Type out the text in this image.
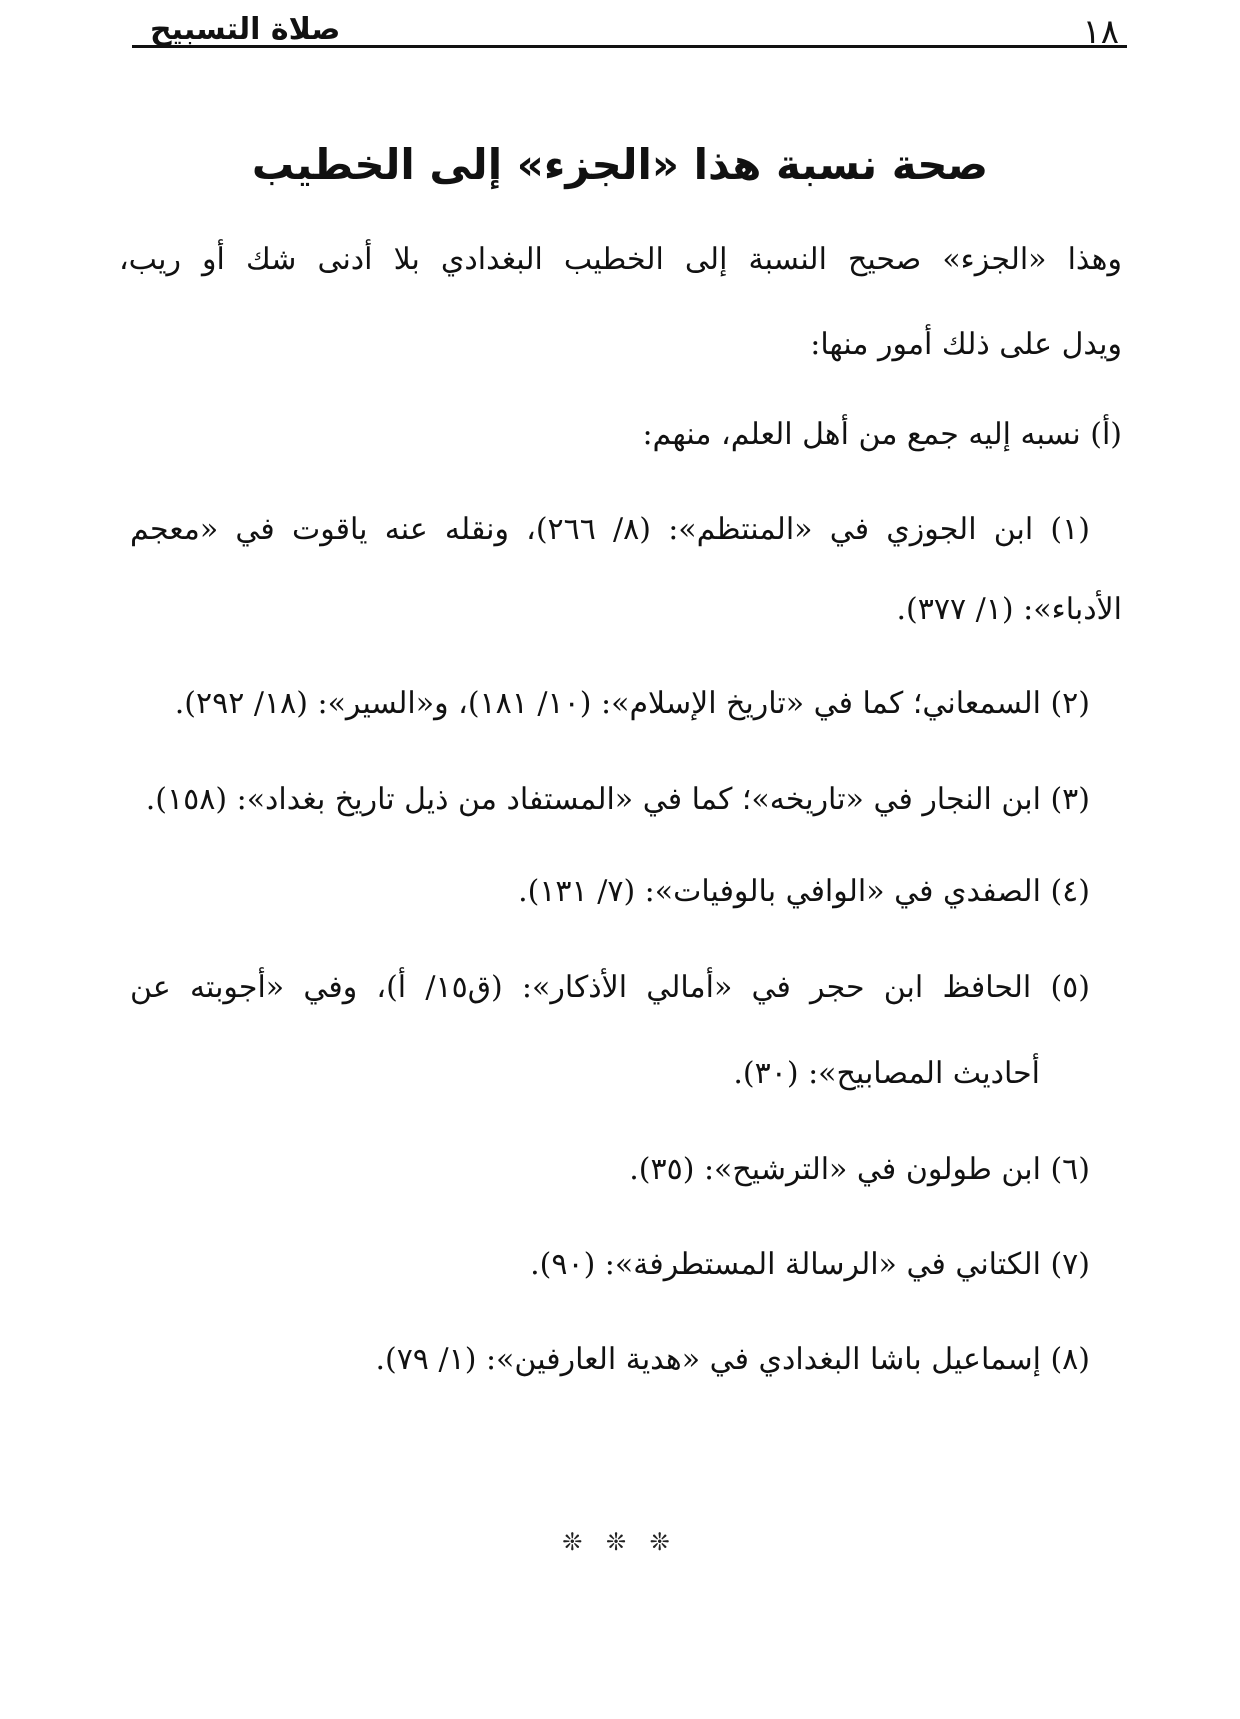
١٨
صلاة التسبيح
صحة نسبة هذا «الجزء» إلى الخطيب
وهذا «الجزء» صحيح النسبة إلى الخطيب البغدادي بلا أدنى شك أو ريب،
ويدل على ذلك أمور منها:
(أ) نسبه إليه جمع من أهل العلم، منهم:
(١) ابن الجوزي في «المنتظم»: (٨/ ٢٦٦)، ونقله عنه ياقوت في «معجم
الأدباء»: (١/ ٣٧٧).
(٢) السمعاني؛ كما في «تاريخ الإسلام»: (١٠/ ١٨١)، و«السير»: (١٨/ ٢٩٢).
(٣) ابن النجار في «تاريخه»؛ كما في «المستفاد من ذيل تاريخ بغداد»: (١٥٨).
(٤) الصفدي في «الوافي بالوفيات»: (٧/ ١٣١).
(٥) الحافظ ابن حجر في «أمالي الأذكار»: (ق١٥/ أ)، وفي «أجوبته عن
أحاديث المصابيح»: (٣٠).
(٦) ابن طولون في «الترشيح»: (٣٥).
(٧) الكتاني في «الرسالة المستطرفة»: (٩٠).
(٨) إسماعيل باشا البغدادي في «هدية العارفين»: (١/ ٧٩).
❊ ❊ ❊
